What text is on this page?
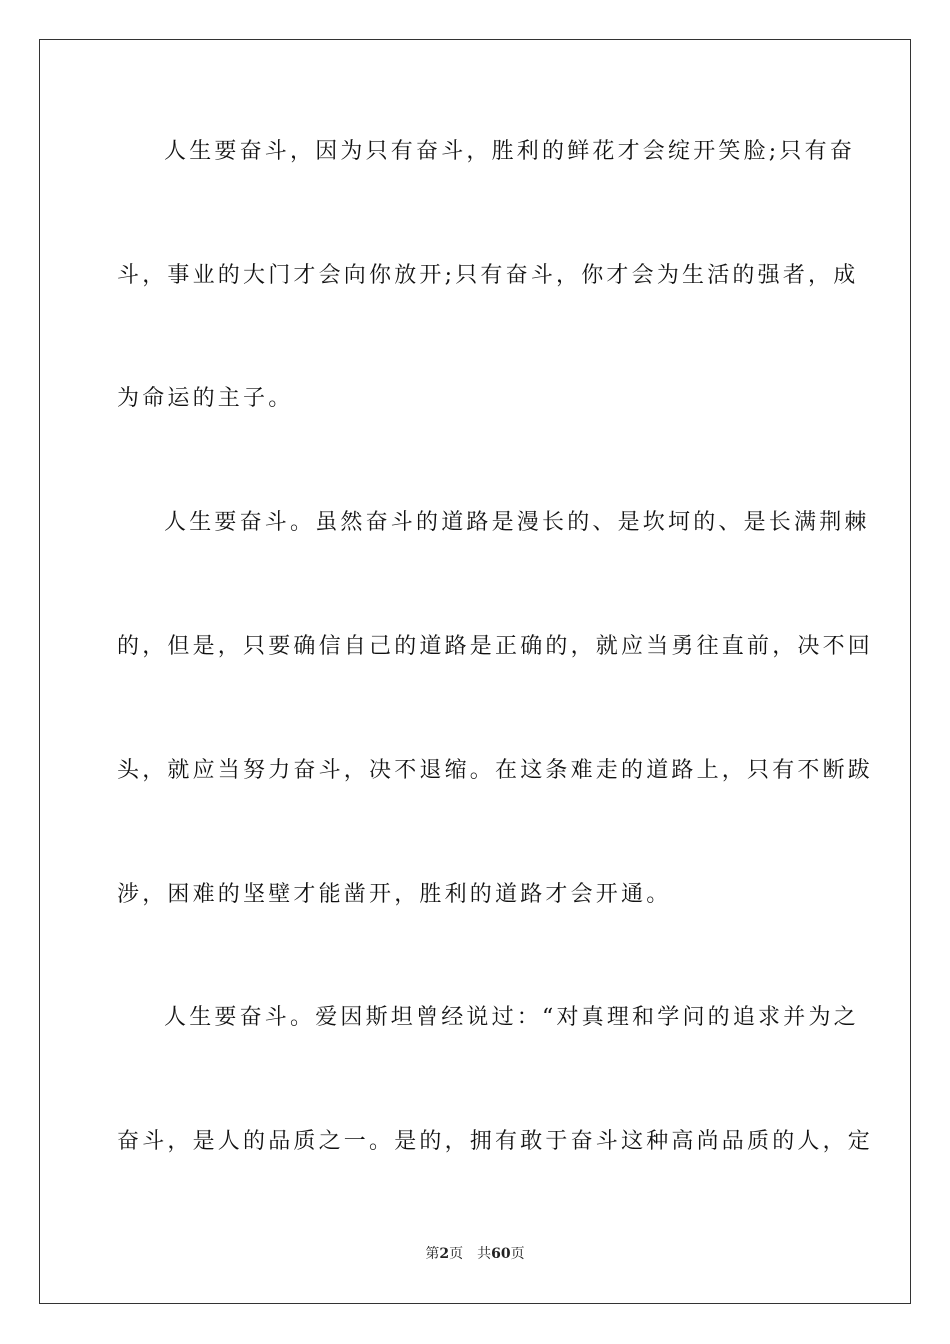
人生要奋斗，因为只有奋斗，胜利的鲜花才会绽开笑脸;只有奋
斗，事业的大门才会向你放开;只有奋斗，你才会为生活的强者，成
为命运的主子。
人生要奋斗。虽然奋斗的道路是漫长的、是坎坷的、是长满荆棘
的，但是，只要确信自己的道路是正确的，就应当勇往直前，决不回
头，就应当努力奋斗，决不退缩。在这条难走的道路上，只有不断跋
涉，困难的坚壁才能凿开，胜利的道路才会开通。
人生要奋斗。爱因斯坦曾经说过：“对真理和学问的追求并为之
奋斗，是人的品质之一。是的，拥有敢于奋斗这种高尚品质的人，定
第2页 共60页
